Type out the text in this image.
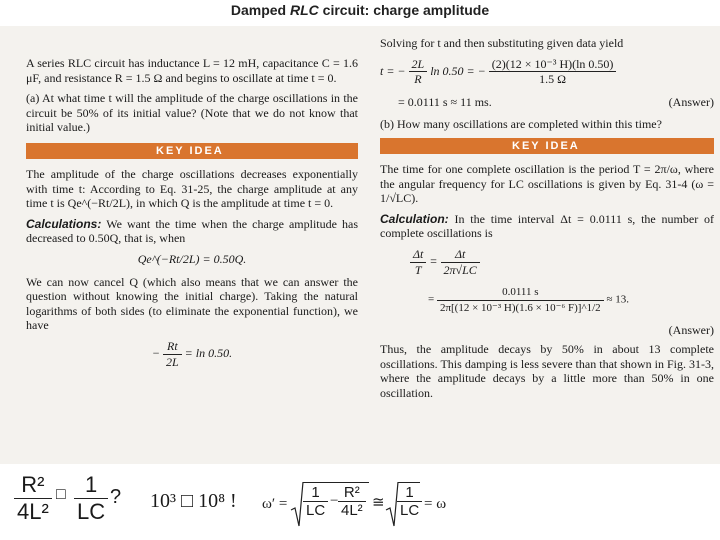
Damped RLC circuit: charge amplitude

A series RLC circuit has inductance L = 12 mH, capacitance C = 1.6 μF, and resistance R = 1.5 Ω and begins to oscillate at time t = 0.

(a) At what time t will the amplitude of the charge oscillations in the circuit be 50% of its initial value? (Note that we do not know that initial value.)

KEY IDEA

The amplitude of the charge oscillations decreases exponentially with time t: According to Eq. 31-25, the charge amplitude at any time t is Qe^(−Rt/2L), in which Q is the amplitude at time t = 0.

Calculations: We want the time when the charge amplitude has decreased to 0.50Q, that is, when

Qe^(−Rt/2L) = 0.50Q.

We can now cancel Q (which also means that we can answer the question without knowing the initial charge). Taking the natural logarithms of both sides (to eliminate the exponential function), we have

− $\frac{Rt}{2L} = \ln 0.50$.

Solving for t and then substituting given data yield

t = − $\frac{2L}{R}$ ln 0.50 = − $\frac{\text{(2)(12 × 10⁻³ H)(ln 0.50)}}{1.5 \Omega}$
= 0.0111 s ≈ 11 ms.	(Answer)

(b) How many oscillations are completed within this time?

KEY IDEA

The time for one complete oscillation is the period T = 2π/ω, where the angular frequency for LC oscillations is given by Eq. 31-4 (ω = 1/√LC).

Calculation: In the time interval Δt = 0.0111 s, the number of complete oscillations is

$\frac{\Delta t}{T} = \frac{\Delta t}{2\pi√LC}$
= $\frac{0.0111 s}{\text{2π[(12 × 10⁻³ H)(1.6 × 10⁻⁶ F)]\textasciicircum{}1/2}} \approx 13$.
(Answer)

Thus, the amplitude decays by 50% in about 13 complete oscillations. This damping is less severe than that shown in Fig. 31-3, where the amplitude decays by a little more than 50% in one oscillation.

$\frac{\text{R²}}{\text{4L²}}$ □ $\frac{1}{LC}$ ? 10³ □ 10⁸ ! $\omega' = \frac{1}{LC} - \frac{\text{R²}}{\text{4L²}}$ ≅ $\frac{1}{LC} = \omega$
